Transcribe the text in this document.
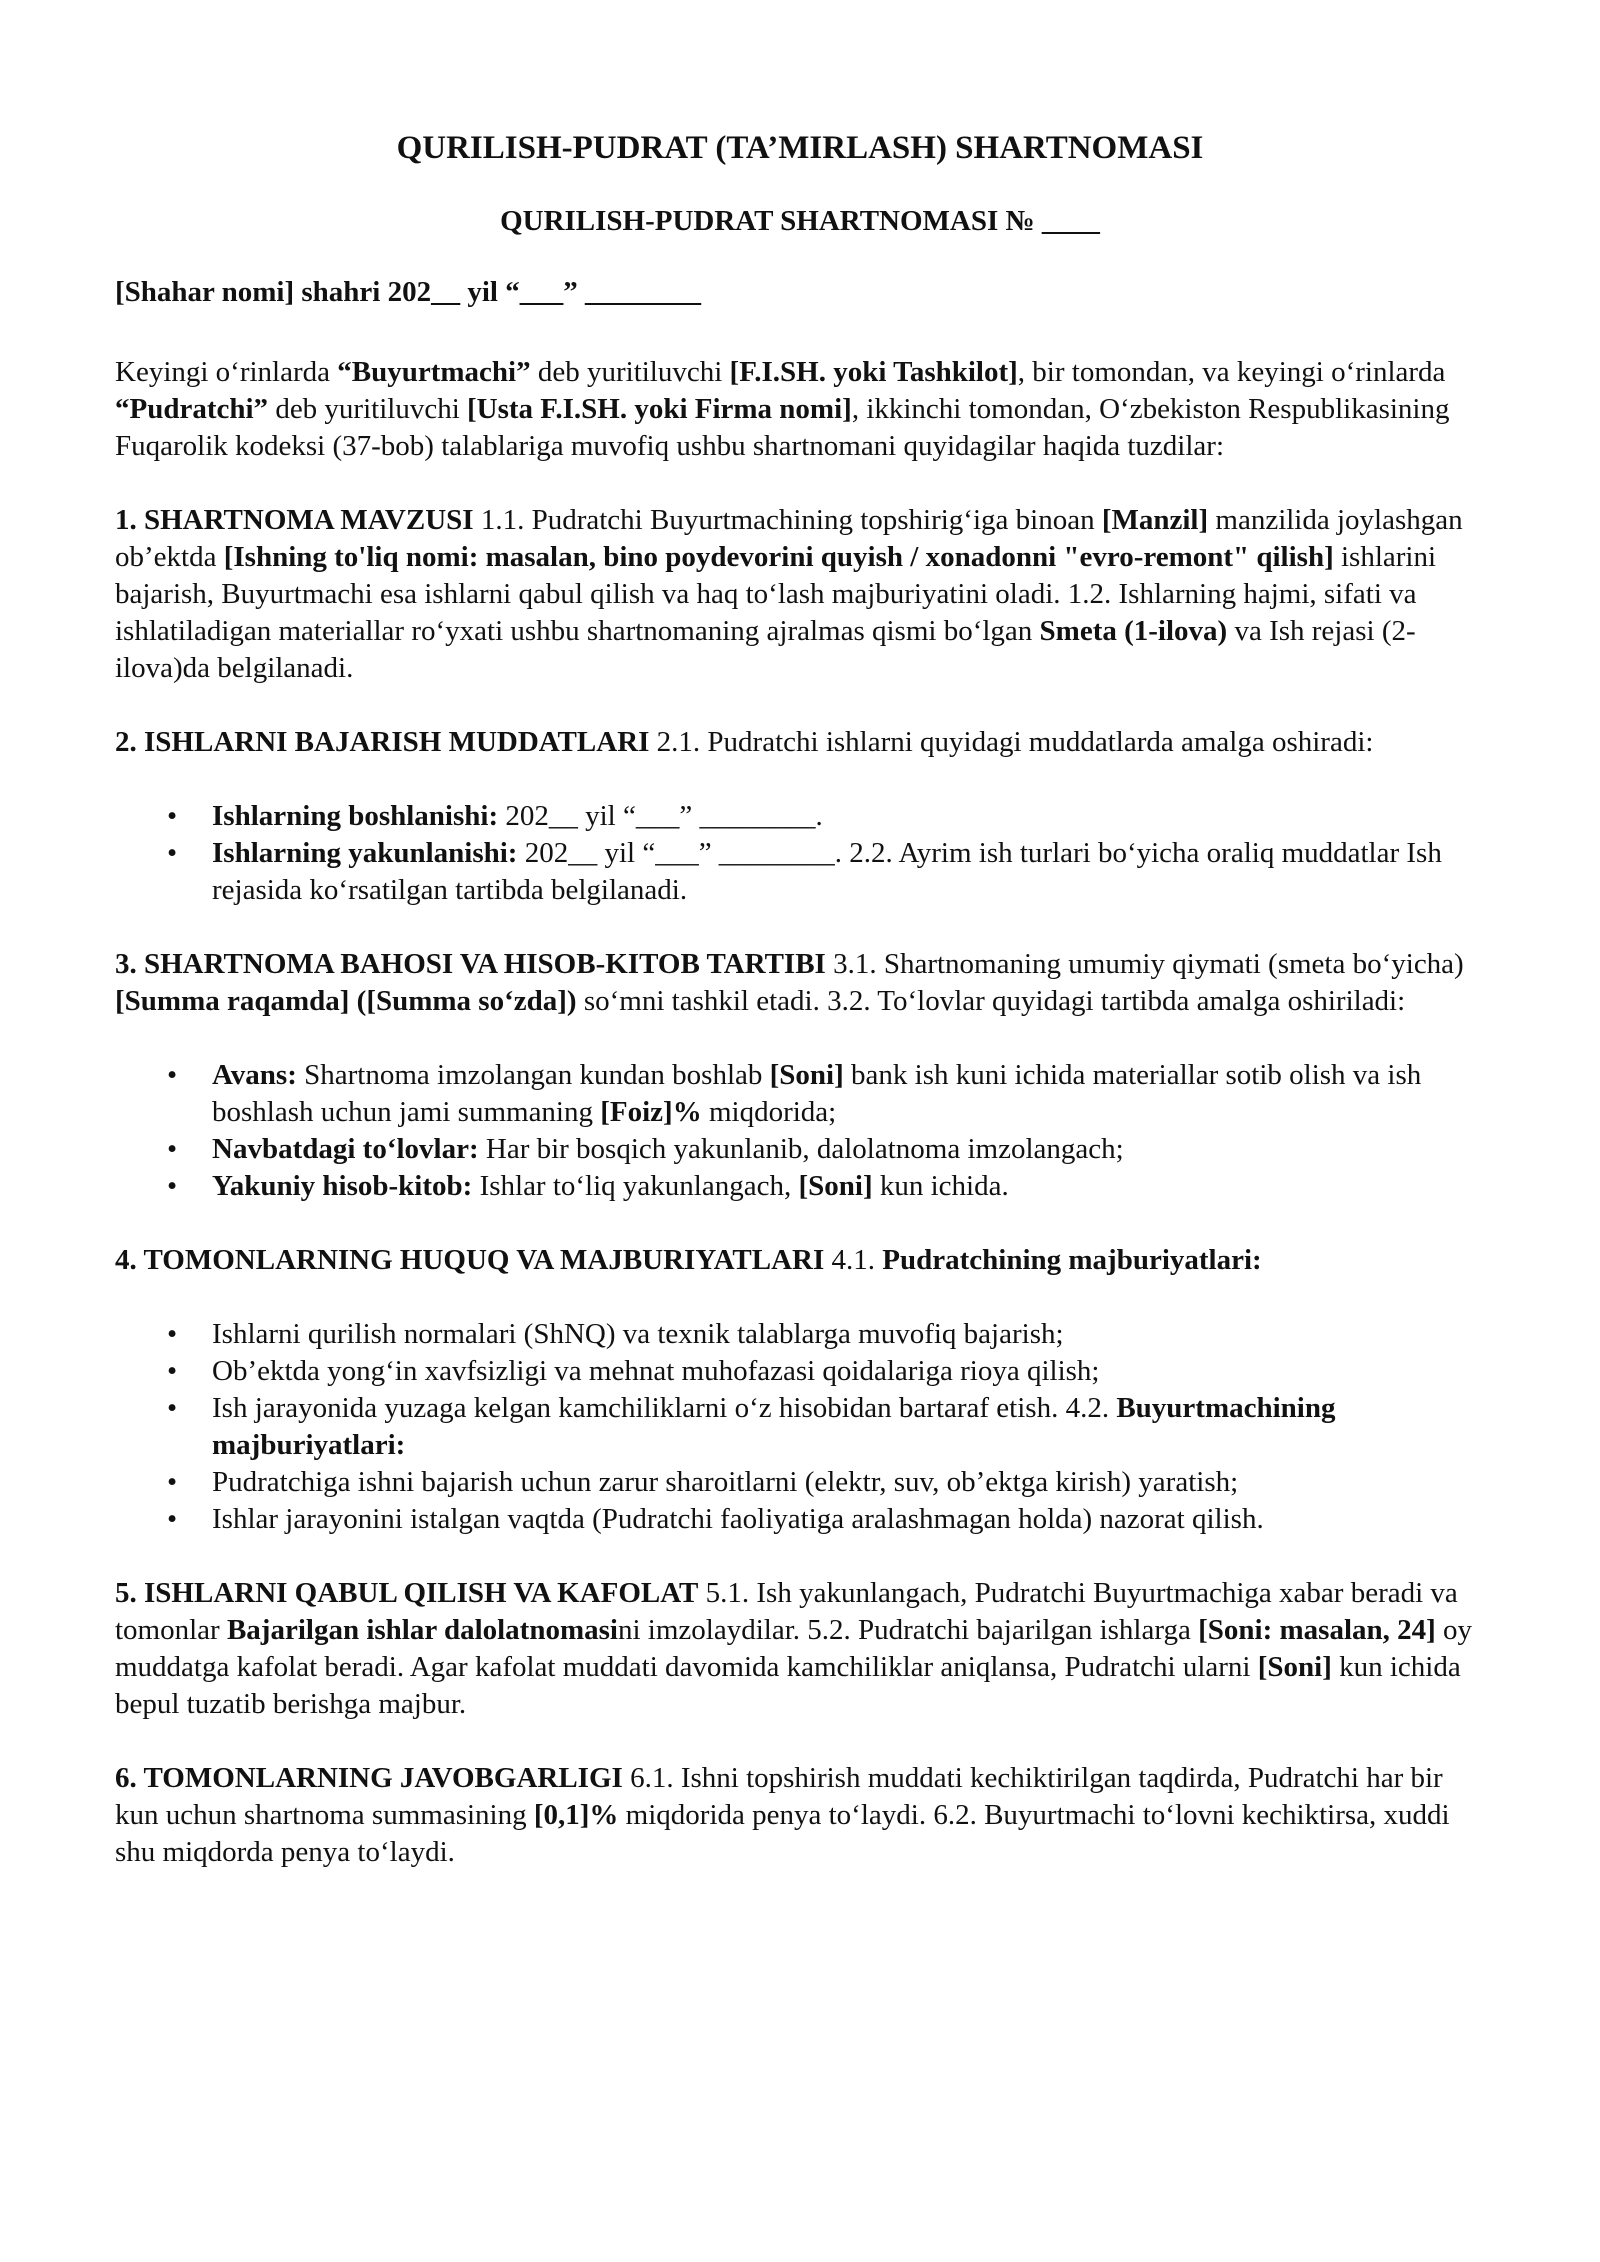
QURILISH-PUDRAT (TA’MIRLASH) SHARTNOMASI
QURILISH-PUDRAT SHARTNOMASI № ____
[Shahar nomi] shahri 202__ yil “___” ________

Keyingi o‘rinlarda “Buyurtmachi” deb yuritiluvchi [F.I.SH. yoki Tashkilot], bir tomondan, va keyingi o‘rinlarda “Pudratchi” deb yuritiluvchi [Usta F.I.SH. yoki Firma nomi], ikkinchi tomondan, O‘zbekiston Respublikasining Fuqarolik kodeksi (37-bob) talablariga muvofiq ushbu shartnomani quyidagilar haqida tuzdilar:

1. SHARTNOMA MAVZUSI 1.1. Pudratchi Buyurtmachining topshirig‘iga binoan [Manzil] manzilida joylashgan ob’ektda [Ishning to'liq nomi: masalan, bino poydevorini quyish / xonadonni "evro-remont" qilish] ishlarini bajarish, Buyurtmachi esa ishlarni qabul qilish va haq to‘lash majburiyatini oladi. 1.2. Ishlarning hajmi, sifati va ishlatiladigan materiallar ro‘yxati ushbu shartnomaning ajralmas qismi bo‘lgan Smeta (1-ilova) va Ish rejasi (2-ilova)da belgilanadi.

2. ISHLARNI BAJARISH MUDDATLARI 2.1. Pudratchi ishlarni quyidagi muddatlarda amalga oshiradi:

• Ishlarning boshlanishi: 202__ yil “___” ________.
• Ishlarning yakunlanishi: 202__ yil “___” ________. 2.2. Ayrim ish turlari bo‘yicha oraliq muddatlar Ish rejasida ko‘rsatilgan tartibda belgilanadi.

3. SHARTNOMA BAHOSI VA HISOB-KITOB TARTIBI 3.1. Shartnomaning umumiy qiymati (smeta bo‘yicha) [Summa raqamda] ([Summa so‘zda]) so‘mni tashkil etadi. 3.2. To‘lovlar quyidagi tartibda amalga oshiriladi:

• Avans: Shartnoma imzolangan kundan boshlab [Soni] bank ish kuni ichida materiallar sotib olish va ish boshlash uchun jami summaning [Foiz]% miqdorida;
• Navbatdagi to‘lovlar: Har bir bosqich yakunlanib, dalolatnoma imzolangach;
• Yakuniy hisob-kitob: Ishlar to‘liq yakunlangach, [Soni] kun ichida.

4. TOMONLARNING HUQUQ VA MAJBURIYATLARI 4.1. Pudratchining majburiyatlari:

• Ishlarni qurilish normalari (ShNQ) va texnik talablarga muvofiq bajarish;
• Ob’ektda yong‘in xavfsizligi va mehnat muhofazasi qoidalariga rioya qilish;
• Ish jarayonida yuzaga kelgan kamchiliklarni o‘z hisobidan bartaraf etish. 4.2. Buyurtmachining majburiyatlari:
• Pudratchiga ishni bajarish uchun zarur sharoitlarni (elektr, suv, ob’ektga kirish) yaratish;
• Ishlar jarayonini istalgan vaqtda (Pudratchi faoliyatiga aralashmagan holda) nazorat qilish.

5. ISHLARNI QABUL QILISH VA KAFOLAT 5.1. Ish yakunlangach, Pudratchi Buyurtmachiga xabar beradi va tomonlar Bajarilgan ishlar dalolatnomasini imzolaydilar. 5.2. Pudratchi bajarilgan ishlarga [Soni: masalan, 24] oy muddatga kafolat beradi. Agar kafolat muddati davomida kamchiliklar aniqlansa, Pudratchi ularni [Soni] kun ichida bepul tuzatib berishga majbur.

6. TOMONLARNING JAVOBGARLIGI 6.1. Ishni topshirish muddati kechiktirilgan taqdirda, Pudratchi har bir kun uchun shartnoma summasining [0,1]% miqdorida penya to‘laydi. 6.2. Buyurtmachi to‘lovni kechiktirsa, xuddi shu miqdorda penya to‘laydi.
